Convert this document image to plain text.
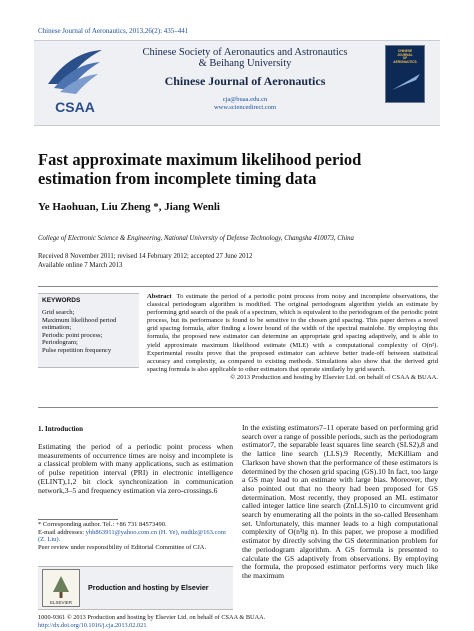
Chinese Journal of Aeronautics, 2013,26(2): 435–441
CSAA
Chinese Society of Aeronautics and Astronautics
& Beihang University
Chinese Journal of Aeronautics
cja@buaa.edu.cn
www.sciencedirect.com
CHINESE
JOURNAL
OF
AERONAUTICS
Fast approximate maximum likelihood period
estimation from incomplete timing data
Ye Haohuan, Liu Zheng *, Jiang Wenli
College of Electronic Science & Engineering, National University of Defense Technology, Changsha 410073, China
Received 8 November 2011; revised 14 February 2012; accepted 27 June 2012
Available online 7 March 2013
KEYWORDS
Grid search;
Maximum likelihood period
estimation;
Periodic point process;
Periodogram;
Pulse repetition frequency
Abstract To estimate the period of a periodic point process from noisy and incomplete observations, the classical periodogram algorithm is modified. The original periodogram algorithm yields an estimate by performing grid search of the peak of a spectrum, which is equivalent to the periodogram of the periodic point process, but its performance is found to be sensitive to the chosen grid spacing. This paper derives a novel grid spacing formula, after finding a lower bound of the width of the spectral mainlobe. By employing this formula, the proposed new estimator can determine an appropriate grid spacing adaptively, and is able to yield approximate maximum likelihood estimate (MLE) with a computational complexity of O(n²). Experimental results prove that the proposed estimator can achieve better trade-off between statistical accuracy and complexity, as compared to existing methods. Simulations also show that the derived grid spacing formula is also applicable to other estimators that operate similarly by grid search.
© 2013 Production and hosting by Elsevier Ltd. on behalf of CSAA & BUAA.
1. Introduction
Estimating the period of a periodic point process when measurements of occurrence times are noisy and incomplete is a classical problem with many applications, such as estimation of pulse repetition interval (PRI) in electronic intelligence (ELINT),1,2 bit clock synchronization in communication network,3–5 and frequency estimation via zero-crossings.6
In the existing estimators7–11 operate based on performing grid search over a range of possible periods, such as the periodogram estimator7, the separable least squares line search (SLS2),8 and the lattice line search (LLS).9 Recently, McKilliam and Clarkson have shown that the performance of these estimators is determined by the chosen grid spacing (GS).10 In fact, too large a GS may lead to an estimate with large bias. Moreover, they also pointed out that no theory had been proposed for GS determination. Most recently, they proposed an ML estimator called integer lattice line search (ZnLLS)10 to circumvent grid search by enumerating all the points in the so-called Bresenham set. Unfortunately, this manner leads to a high computational complexity of O(n³lg n). In this paper, we propose a modified estimator by directly solving the GS determination problem for the periodogram algorithm. A GS formula is presented to calculate the GS adaptively from observations. By employing the formula, the proposed estimator performs very much like the maximum
* Corresponding author. Tel.: +86 731 84573490.
E-mail addresses: yhh863911@yahoo.com.cn (H. Ye), nudtlz@163.com (Z. Liu).
Peer review under responsibility of Editorial Committee of CJA.
ELSEVIER
Production and hosting by Elsevier
1000-9361 © 2013 Production and hosting by Elsevier Ltd. on behalf of CSAA & BUAA.
http://dx.doi.org/10.1016/j.cja.2013.02.021
